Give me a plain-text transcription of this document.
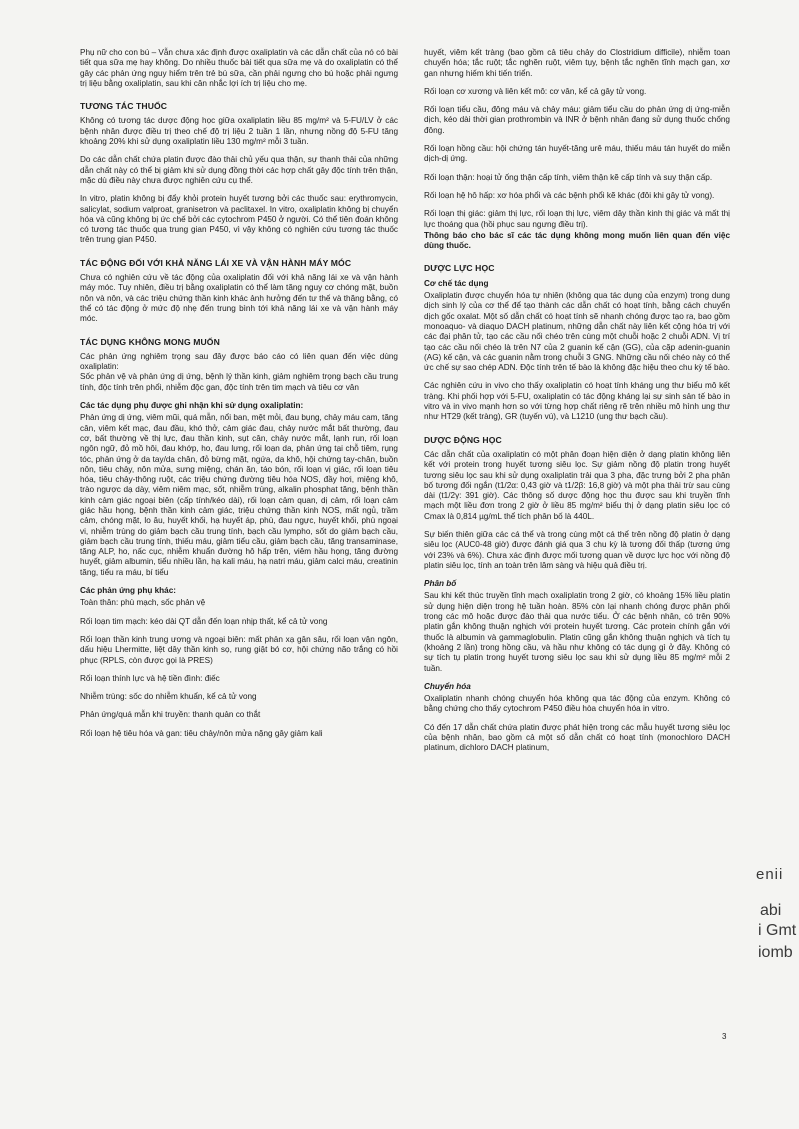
Phụ nữ cho con bú – Vẫn chưa xác định được oxaliplatin và các dẫn chất của nó có bài tiết qua sữa mẹ hay không. Do nhiều thuốc bài tiết qua sữa mẹ và do oxaliplatin có thể gây các phản ứng nguy hiểm trên trẻ bú sữa, cần phải ngưng cho bú hoặc phải ngưng trị liệu bằng oxaliplatin, sau khi cân nhắc lợi ích trị liệu cho mẹ.

TƯƠNG TÁC THUỐC

Không có tương tác dược động học giữa oxaliplatin liều 85 mg/m² và 5-FU/LV ở các bệnh nhân được điều trị theo chế độ trị liệu 2 tuần 1 lần, nhưng nồng độ 5-FU tăng khoảng 20% khi sử dụng oxaliplatin liều 130 mg/m² mỗi 3 tuần.

Do các dẫn chất chứa platin được đào thải chủ yếu qua thận, sự thanh thải của những dẫn chất này có thể bị giảm khi sử dụng đồng thời các hợp chất gây độc tính trên thận, mặc dù điều này chưa được nghiên cứu cụ thể.

In vitro, platin không bị đẩy khỏi protein huyết tương bởi các thuốc sau: erythromycin, salicylat, sodium valproat, granisetron và paclitaxel. In vitro, oxaliplatin không bị chuyển hóa và cũng không bị ức chế bởi các cytochrom P450 ở người. Có thể tiên đoán không có tương tác thuốc qua trung gian P450, vì vậy không có nghiên cứu tương tác thuốc trên trung gian P450.

TÁC ĐỘNG ĐỐI VỚI KHẢ NĂNG LÁI XE VÀ VẬN HÀNH MÁY MÓC

Chưa có nghiên cứu về tác động của oxaliplatin đối với khả năng lái xe và vận hành máy móc. Tuy nhiên, điều trị bằng oxaliplatin có thể làm tăng nguy cơ chóng mặt, buồn nôn và nôn, và các triệu chứng thần kinh khác ảnh hưởng đến tư thế và thăng bằng, có thể có tác động ở mức độ nhẹ đến trung bình tới khả năng lái xe và vận hành máy móc.

TÁC DỤNG KHÔNG MONG MUỐN

Các phản ứng nghiêm trọng sau đây được báo cáo có liên quan đến việc dùng oxaliplatin:

Sốc phản vệ và phản ứng dị ứng, bệnh lý thần kinh, giảm nghiêm trọng bạch cầu trung tính, độc tính trên phổi, nhiễm độc gan, độc tính trên tim mạch và tiêu cơ vân

Các tác dụng phụ được ghi nhận khi sử dụng oxaliplatin:

Phản ứng dị ứng, viêm mũi, quá mẫn, nổi ban, mệt mỏi, đau bụng, chảy máu cam, tăng cân, viêm kết mạc, đau đầu, khó thở, cảm giác đau, chảy nước mắt bất thường, đau cơ, bất thường về thị lực, đau thần kinh, sụt cân, chảy nước mắt, lạnh run, rối loạn ngôn ngữ, đỏ mồ hôi, đau khớp, ho, đau lưng, rối loạn da, phản ứng tại chỗ tiêm, rụng tóc, phản ứng ở da tay/da chân, đỏ bừng mặt, ngứa, da khô, hội chứng tay-chân, buồn nôn, tiêu chảy, nôn mửa, sưng miệng, chán ăn, táo bón, rối loạn vị giác, rối loạn tiêu hóa, tiêu chảy-thông ruột, các triệu chứng đường tiêu hóa NOS, đầy hơi, miệng khô, trào ngược dạ dày, viêm niêm mạc, sốt, nhiễm trùng, alkalin phosphat tăng, bệnh thần kinh cảm giác ngoại biên (cấp tính/kéo dài), rối loạn cảm quan, dị cảm, rối loạn cảm giác hầu họng, bệnh thần kinh cảm giác, triệu chứng thần kinh NOS, mất ngủ, trầm cảm, chóng mặt, lo âu, huyết khối, hạ huyết áp, phù, đau ngực, huyết khối, phù ngoại vi, nhiễm trùng do giảm bạch cầu trung tính, bạch cầu lympho, sốt do giảm bạch cầu, giảm bạch cầu trung tính, thiếu máu, giảm tiểu cầu, giảm bạch cầu, tăng transaminase, tăng ALP, ho, nấc cục, nhiễm khuẩn đường hô hấp trên, viêm hầu họng, tăng đường huyết, giảm albumin, tiểu nhiều lần, hạ kali máu, hạ natri máu, giảm calci máu, creatinin tăng, tiểu ra máu, bí tiểu

Các phản ứng phụ khác:

Toàn thân: phù mạch, sốc phản vệ

Rối loạn tim mạch: kéo dài QT dẫn đến loạn nhịp thất, kể cả tử vong

Rối loạn thần kinh trung ương và ngoại biên: mất phản xạ gân sâu, rối loạn vận ngôn, dấu hiệu Lhermitte, liệt dây thần kinh sọ, rung giật bó cơ, hội chứng não trắng có hồi phục (RPLS, còn được gọi là PRES)

Rối loạn thính lực và hệ tiền đình: điếc

Nhiễm trùng: sốc do nhiễm khuẩn, kể cả tử vong

Phản ứng/quá mẫn khi truyền: thanh quản co thắt

Rối loạn hệ tiêu hóa và gan: tiêu chảy/nôn mửa nặng gây giảm kali

huyết, viêm kết tràng (bao gồm cả tiêu chảy do Clostridium difficile), nhiễm toan chuyển hóa; tắc ruột; tắc nghẽn ruột, viêm tụy, bệnh tắc nghẽn tĩnh mạch gan, xơ gan nhưng hiếm khi tiến triển.

Rối loạn cơ xương và liên kết mô: cơ vân, kể cả gây tử vong.

Rối loạn tiểu cầu, đông máu và chảy máu: giảm tiểu cầu do phản ứng dị ứng-miễn dịch, kéo dài thời gian prothrombin và INR ở bệnh nhân đang sử dụng thuốc chống đông.

Rối loạn hồng cầu: hội chứng tán huyết-tăng urê máu, thiếu máu tán huyết do miễn dịch-dị ứng.

Rối loạn thận: hoại tử ống thận cấp tính, viêm thận kẽ cấp tính và suy thận cấp.

Rối loạn hệ hô hấp: xơ hóa phổi và các bệnh phổi kẽ khác (đôi khi gây tử vong).

Rối loạn thị giác: giảm thị lực, rối loạn thị lực, viêm dây thần kinh thị giác và mất thị lực thoáng qua (hồi phục sau ngưng điều trị).

Thông báo cho bác sĩ các tác dụng không mong muốn liên quan đến việc dùng thuốc.

DƯỢC LỰC HỌC
Cơ chế tác dụng

Oxaliplatin được chuyển hóa tự nhiên (không qua tác dụng của enzym) trong dung dịch sinh lý của cơ thể để tạo thành các dẫn chất có hoạt tính, bằng cách chuyển dịch gốc oxalat. Một số dẫn chất có hoạt tính sẽ nhanh chóng được tạo ra, bao gồm monoaquo- và diaquo DACH platinum, những dẫn chất này liên kết cộng hóa trị với các đại phân tử, tạo các cầu nối chéo trên cùng một chuỗi hoặc 2 chuỗi ADN. Vị trí tạo các cầu nối chéo là trên N7 của 2 guanin kế cận (GG), của cặp adenin-guanin (AG) kế cận, và các guanin nằm trong chuỗi 3 GNG. Những cầu nối chéo này có thể ức chế sự sao chép ADN. Độc tính trên tế bào là không đặc hiệu theo chu kỳ tế bào.

Các nghiên cứu in vivo cho thấy oxaliplatin có hoạt tính kháng ung thư biểu mô kết tràng. Khi phối hợp với 5-FU, oxaliplatin có tác động kháng lại sự sinh sản tế bào in vitro và in vivo mạnh hơn so với từng hợp chất riêng rẽ trên nhiều mô hình ung thư như HT29 (kết tràng), GR (tuyến vú), và L1210 (ung thư bạch cầu).

DƯỢC ĐỘNG HỌC

Các dẫn chất của oxaliplatin có một phân đoạn hiện diện ở dạng platin không liên kết với protein trong huyết tương siêu lọc. Sự giảm nồng độ platin trong huyết tương siêu lọc sau khi sử dụng oxaliplatin trải qua 3 pha, đặc trưng bởi 2 pha phân bố tương đối ngắn (t1/2α: 0,43 giờ và t1/2β: 16,8 giờ) và một pha thải trừ sau cùng dài (t1/2γ: 391 giờ). Các thông số dược động học thu được sau khi truyền tĩnh mạch một liều đơn trong 2 giờ ở liều 85 mg/m² biểu thị ở dạng platin siêu lọc có Cmax là 0,814 µg/mL thể tích phân bố là 440L.

Sự biến thiên giữa các cá thể và trong cùng một cá thể trên nồng độ platin ở dạng siêu lọc (AUC0-48 giờ) được đánh giá qua 3 chu kỳ là tương đối thấp (tương ứng với 23% và 6%). Chưa xác định được mối tương quan về dược lực học với nồng độ platin siêu lọc, tính an toàn trên lâm sàng và hiệu quả điều trị.

Phân bố

Sau khi kết thúc truyền tĩnh mạch oxaliplatin trong 2 giờ, có khoảng 15% liều platin sử dụng hiện diện trong hệ tuần hoàn. 85% còn lại nhanh chóng được phân phối trong các mô hoặc được đào thải qua nước tiểu. Ở các bệnh nhân, có trên 90% platin gắn không thuận nghịch với protein huyết tương. Các protein chính gắn với thuốc là albumin và gammaglobulin. Platin cũng gắn không thuận nghịch và tích tụ (khoảng 2 lần) trong hồng cầu, và hầu như không có tác dụng gì ở đây. Không có sự tích tụ platin trong huyết tương siêu lọc sau khi sử dụng liều 85 mg/m² mỗi 2 tuần.

Chuyển hóa

Oxaliplatin nhanh chóng chuyển hóa không qua tác động của enzym. Không có bằng chứng cho thấy cytochrom P450 điều hòa chuyển hóa in vitro.

Có đến 17 dẫn chất chứa platin được phát hiện trong các mẫu huyết tương siêu lọc của bệnh nhân, bao gồm cả một số dẫn chất có hoạt tính (monochloro DACH platinum, dichloro DACH platinum,

3
enii
abi
i Gmt
iomb
